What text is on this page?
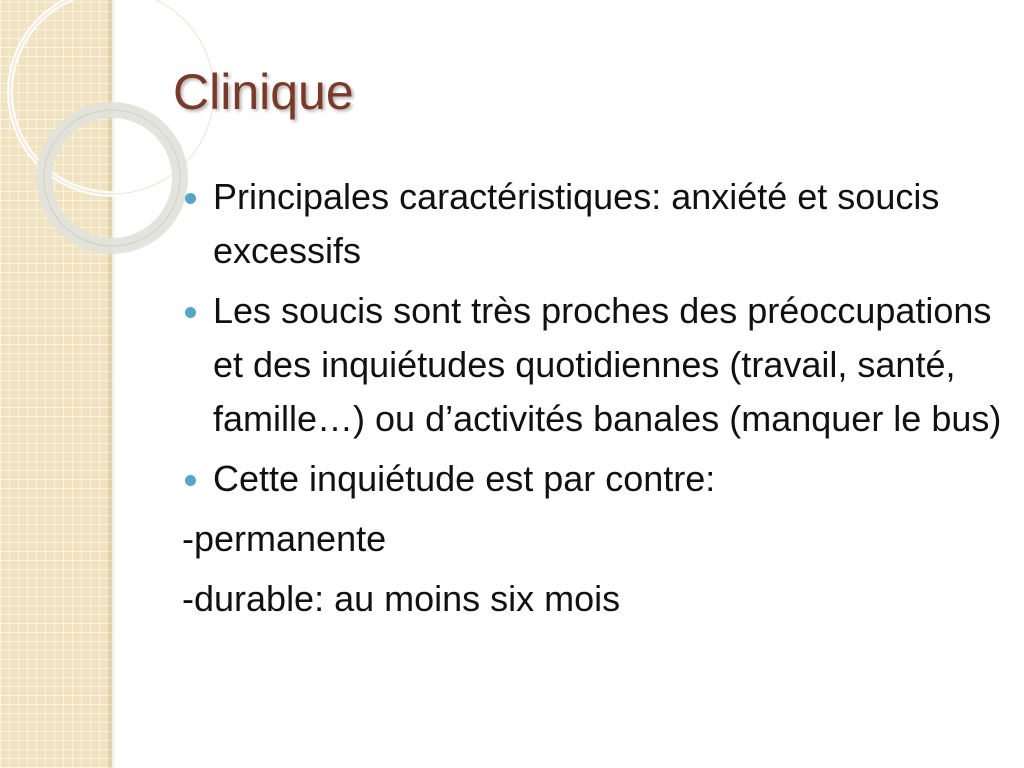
Clinique
Principales caractéristiques: anxiété et soucis excessifs
Les soucis sont très proches des préoccupations et des inquiétudes quotidiennes (travail, santé, famille…) ou d’activités banales (manquer le bus)
Cette inquiétude est par contre:
-permanente
-durable: au moins six mois
